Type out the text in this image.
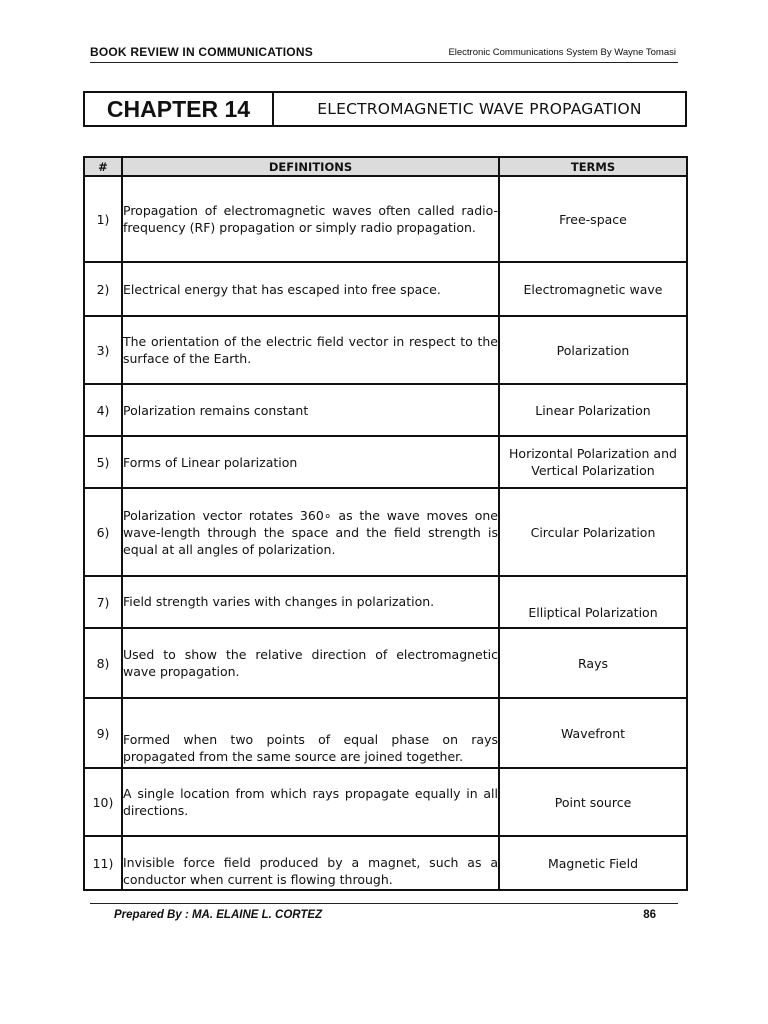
BOOK REVIEW IN COMMUNICATIONS	Electronic Communications System By Wayne Tomasi
CHAPTER 14	ELECTROMAGNETIC WAVE PROPAGATION
#	DEFINITIONS	TERMS
1)	Propagation of electromagnetic waves often called radio-frequency (RF) propagation or simply radio propagation.	Free-space
2)	Electrical energy that has escaped into free space.	Electromagnetic wave
3)	The orientation of the electric field vector in respect to the surface of the Earth.	Polarization
4)	Polarization remains constant	Linear Polarization
5)	Forms of Linear polarization	Horizontal Polarization and Vertical Polarization
6)	Polarization vector rotates 360∘ as the wave moves one wave-length through the space and the field strength is equal at all angles of polarization.	Circular Polarization
7)	Field strength varies with changes in polarization.	Elliptical Polarization
8)	Used to show the relative direction of electromagnetic wave propagation.	Rays
9)	Formed when two points of equal phase on rays propagated from the same source are joined together.	Wavefront
10)	A single location from which rays propagate equally in all directions.	Point source
11)	Invisible force field produced by a magnet, such as a conductor when current is flowing through.	Magnetic Field
Prepared By : MA. ELAINE L. CORTEZ	86
